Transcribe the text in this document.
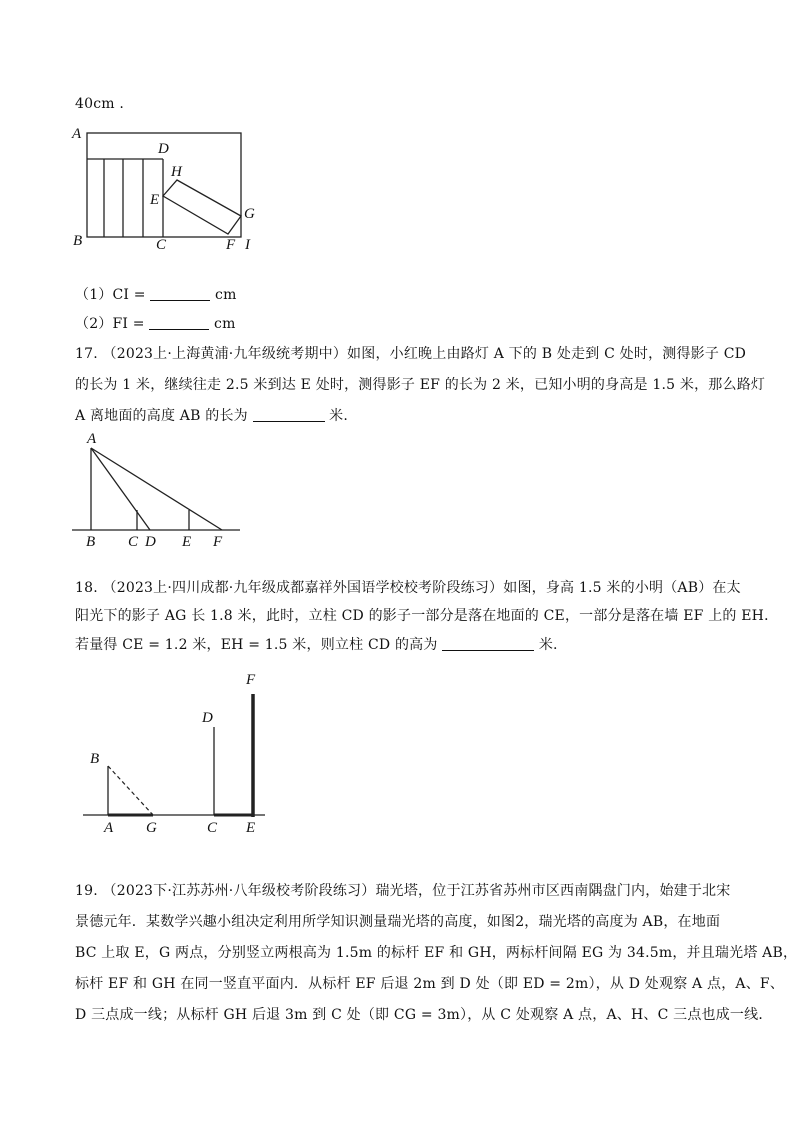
40cm .
A
D
H
E
G
B	C	F I
（1）CI =	cm
（2）FI =	cm
17. （2023上·上海黄浦·九年级统考期中）如图，小红晚上由路灯 A 下的 B 处走到 C 处时，测得影子 CD
的长为 1 米，继续往走 2.5 米到达 E 处时，测得影子 EF 的长为 2 米，已知小明的身高是 1.5 米，那么路灯
A 离地面的高度 AB 的长为	米.
A
B C D E F
18. （2023上·四川成都·九年级成都嘉祥外国语学校校考阶段练习）如图，身高 1.5 米的小明（AB）在太
阳光下的影子 AG 长 1.8 米，此时，立柱 CD 的影子一部分是落在地面的 CE，一部分是落在墙 EF 上的 EH．
若量得 CE = 1.2 米，EH = 1.5 米，则立柱 CD 的高为	米.
F
D
B
A G	C E
19. （2023下·江苏苏州·八年级校考阶段练习）瑞光塔，位于江苏省苏州市区西南隅盘门内，始建于北宋
景德元年．某数学兴趣小组决定利用所学知识测量瑞光塔的高度，如图2，瑞光塔的高度为 AB，在地面
BC 上取 E，G 两点，分别竖立两根高为 1.5m 的标杆 EF 和 GH，两标杆间隔 EG 为 34.5m，并且瑞光塔 AB，
标杆 EF 和 GH 在同一竖直平面内．从标杆 EF 后退 2m 到 D 处（即 ED = 2m），从 D 处观察 A 点，A、F、
D 三点成一线；从标杆 GH 后退 3m 到 C 处（即 CG = 3m），从 C 处观察 A 点，A、H、C 三点也成一线．
